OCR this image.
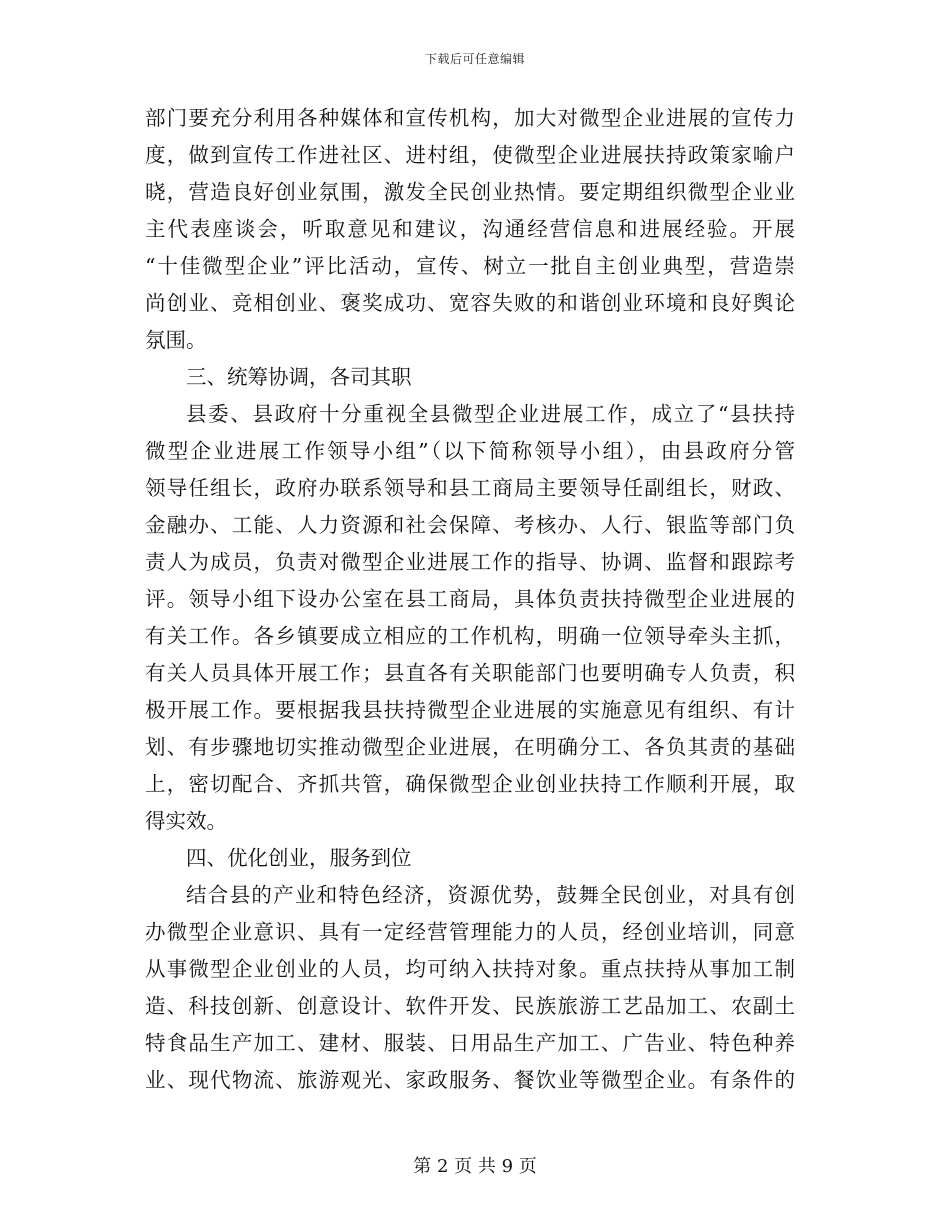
下载后可任意编辑
部门要充分利用各种媒体和宣传机构，加大对微型企业进展的宣传力
度，做到宣传工作进社区、进村组，使微型企业进展扶持政策家喻户
晓，营造良好创业氛围，激发全民创业热情。要定期组织微型企业业
主代表座谈会，听取意见和建议，沟通经营信息和进展经验。开展
“十佳微型企业”评比活动，宣传、树立一批自主创业典型，营造崇
尚创业、竞相创业、褒奖成功、宽容失败的和谐创业环境和良好舆论
氛围。
三、统筹协调，各司其职
县委、县政府十分重视全县微型企业进展工作，成立了“县扶持
微型企业进展工作领导小组”（以下简称领导小组），由县政府分管
领导任组长，政府办联系领导和县工商局主要领导任副组长，财政、
金融办、工能、人力资源和社会保障、考核办、人行、银监等部门负
责人为成员，负责对微型企业进展工作的指导、协调、监督和跟踪考
评。领导小组下设办公室在县工商局，具体负责扶持微型企业进展的
有关工作。各乡镇要成立相应的工作机构，明确一位领导牵头主抓，
有关人员具体开展工作；县直各有关职能部门也要明确专人负责，积
极开展工作。要根据我县扶持微型企业进展的实施意见有组织、有计
划、有步骤地切实推动微型企业进展，在明确分工、各负其责的基础
上，密切配合、齐抓共管，确保微型企业创业扶持工作顺利开展，取
得实效。
四、优化创业，服务到位
结合县的产业和特色经济，资源优势，鼓舞全民创业，对具有创
办微型企业意识、具有一定经营管理能力的人员，经创业培训，同意
从事微型企业创业的人员，均可纳入扶持对象。重点扶持从事加工制
造、科技创新、创意设计、软件开发、民族旅游工艺品加工、农副土
特食品生产加工、建材、服装、日用品生产加工、广告业、特色种养
业、现代物流、旅游观光、家政服务、餐饮业等微型企业。有条件的
第 2 页 共 9 页
